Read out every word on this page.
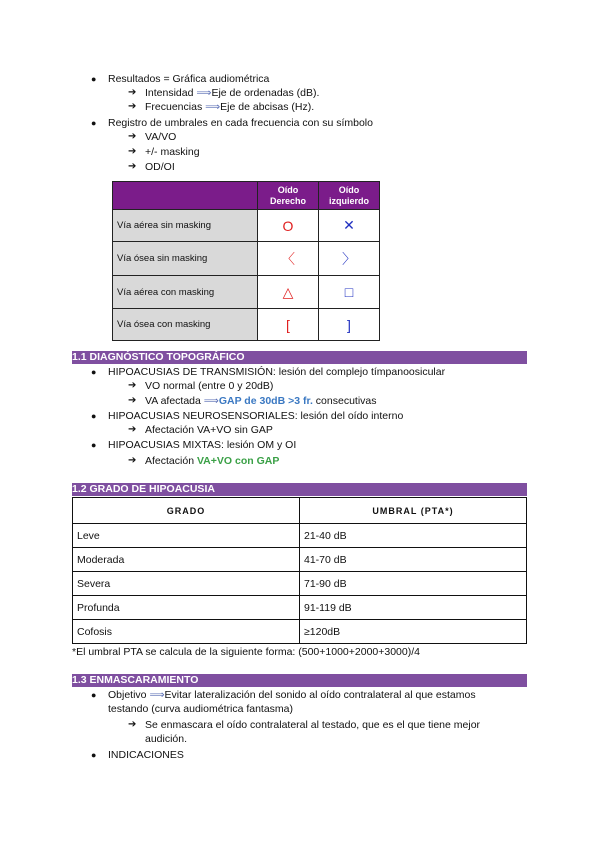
● Resultados = Gráfica audiométrica
➔ Intensidad ⟹Eje de ordenadas (dB).
➔ Frecuencias ⟹Eje de abcisas (Hz).
● Registro de umbrales en cada frecuencia con su símbolo
➔ VA/VO
➔ +/- masking
➔ OD/OI
	Oído Derecho	Oído izquierdo
Vía aérea sin masking	O	✕
Vía ósea sin masking	〈	〉
Vía aérea con masking	△	□
Vía ósea con masking	[	]
1.1 DIAGNÓSTICO TOPOGRÁFICO
● HIPOACUSIAS DE TRANSMISIÓN: lesión del complejo tímpanoosicular
➔ VO normal (entre 0 y 20dB)
➔ VA afectada ⟹GAP de 30dB >3 fr. consecutivas
● HIPOACUSIAS NEUROSENSORIALES: lesión del oído interno
➔ Afectación VA+VO sin GAP
● HIPOACUSIAS MIXTAS: lesión OM y OI
➔ Afectación VA+VO con GAP
1.2 GRADO DE HIPOACUSIA
GRADO	UMBRAL (PTA*)
Leve	21-40 dB
Moderada	41-70 dB
Severa	71-90 dB
Profunda	91-119 dB
Cofosis	≥120dB
*El umbral PTA se calcula de la siguiente forma: (500+1000+2000+3000)/4
1.3 ENMASCARAMIENTO
● Objetivo ⟹Evitar lateralización del sonido al oído contralateral al que estamos
testando (curva audiométrica fantasma)
➔ Se enmascara el oído contralateral al testado, que es el que tiene mejor
audición.
● INDICACIONES
